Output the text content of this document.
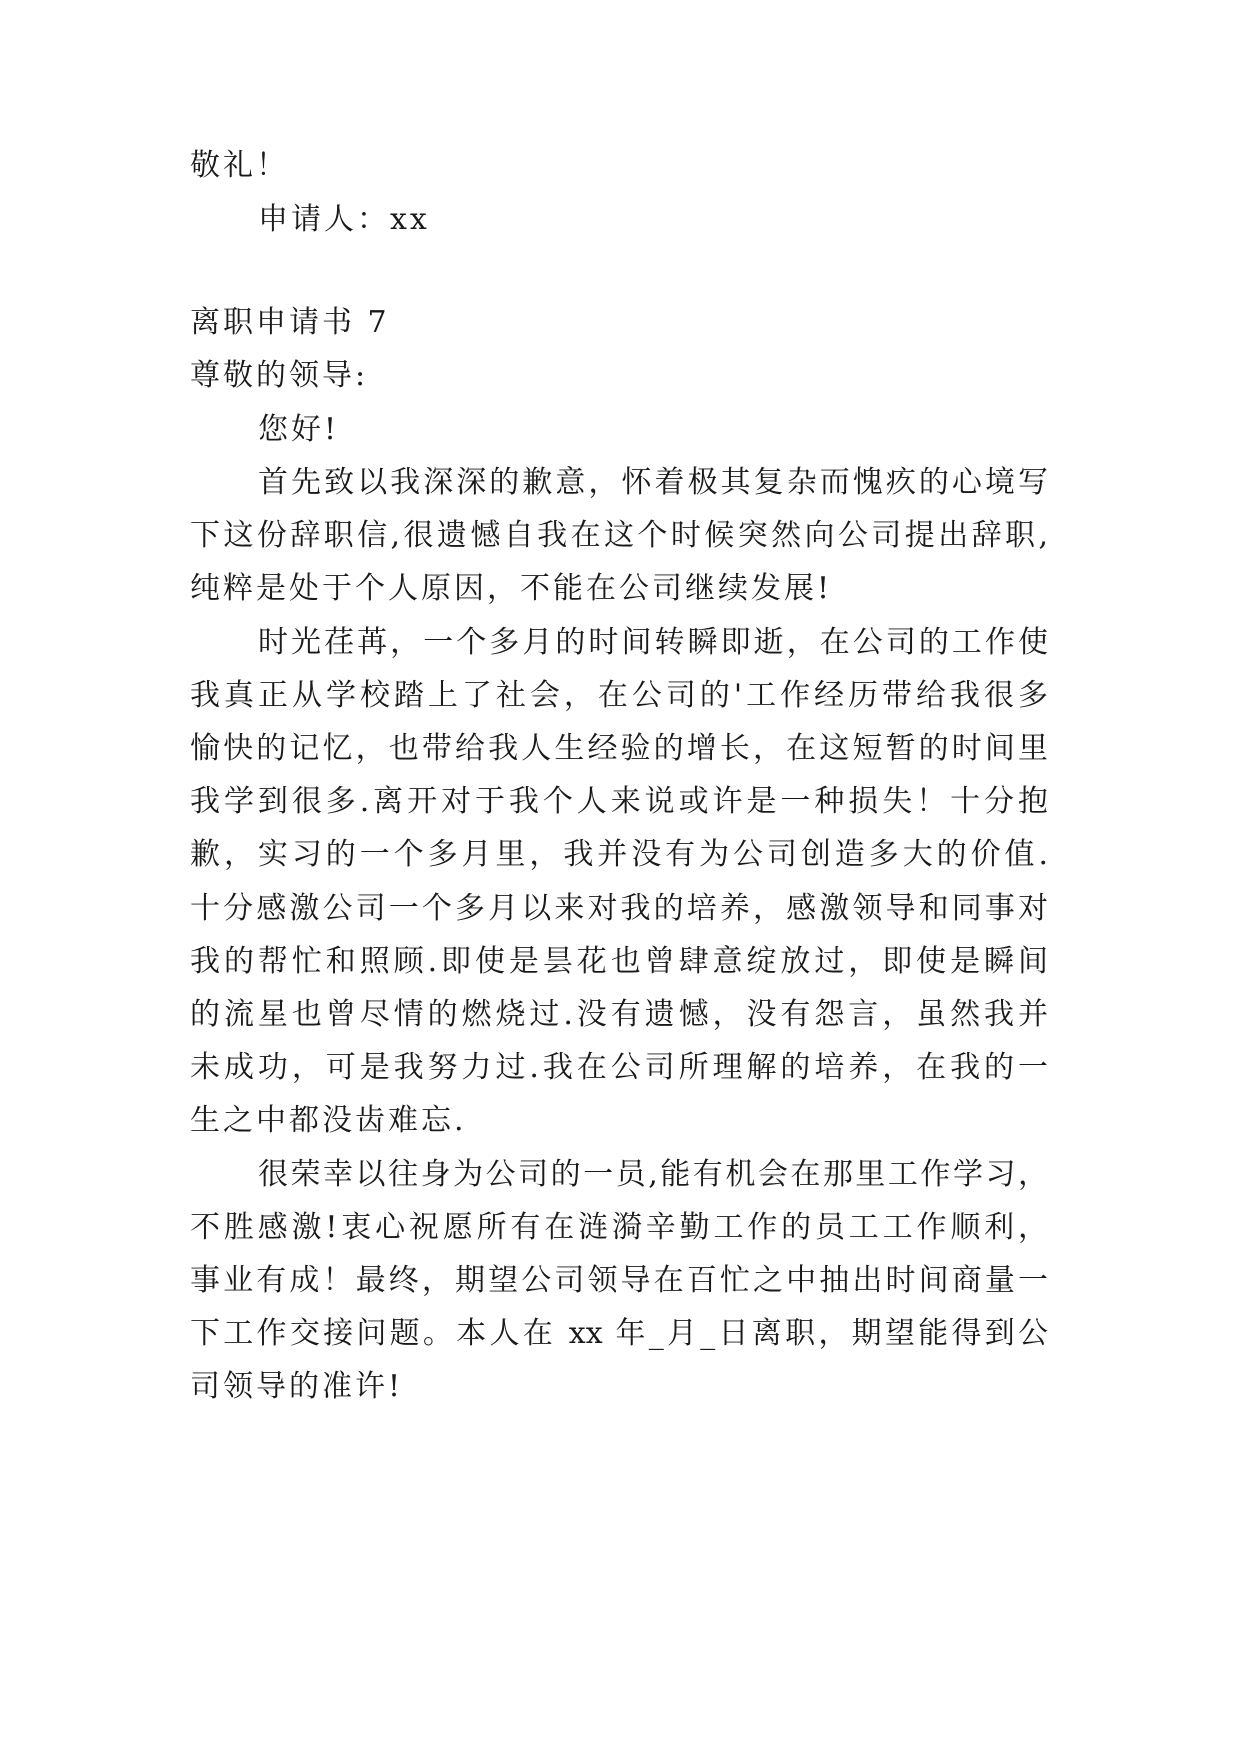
敬礼！

申请人：xx

离职申请书 7

尊敬的领导:

您好!

首先致以我深深的歉意，怀着极其复杂而愧疚的心境写

下这份辞职信,很遗憾自我在这个时候突然向公司提出辞职,

纯粹是处于个人原因，不能在公司继续发展!

时光荏苒，一个多月的时间转瞬即逝，在公司的工作使

我真正从学校踏上了社会，在公司的'工作经历带给我很多

愉快的记忆，也带给我人生经验的增长，在这短暂的时间里

我学到很多.离开对于我个人来说或许是一种损失！十分抱

歉，实习的一个多月里，我并没有为公司创造多大的价值.

十分感激公司一个多月以来对我的培养，感激领导和同事对

我的帮忙和照顾.即使是昙花也曾肆意绽放过，即使是瞬间

的流星也曾尽情的燃烧过.没有遗憾，没有怨言，虽然我并

未成功，可是我努力过.我在公司所理解的培养，在我的一

生之中都没齿难忘.

很荣幸以往身为公司的一员,能有机会在那里工作学习，

不胜感激!衷心祝愿所有在涟漪辛勤工作的员工工作顺利，

事业有成！最终，期望公司领导在百忙之中抽出时间商量一

下工作交接问题。本人在 xx 年_月_日离职，期望能得到公

司领导的准许!
